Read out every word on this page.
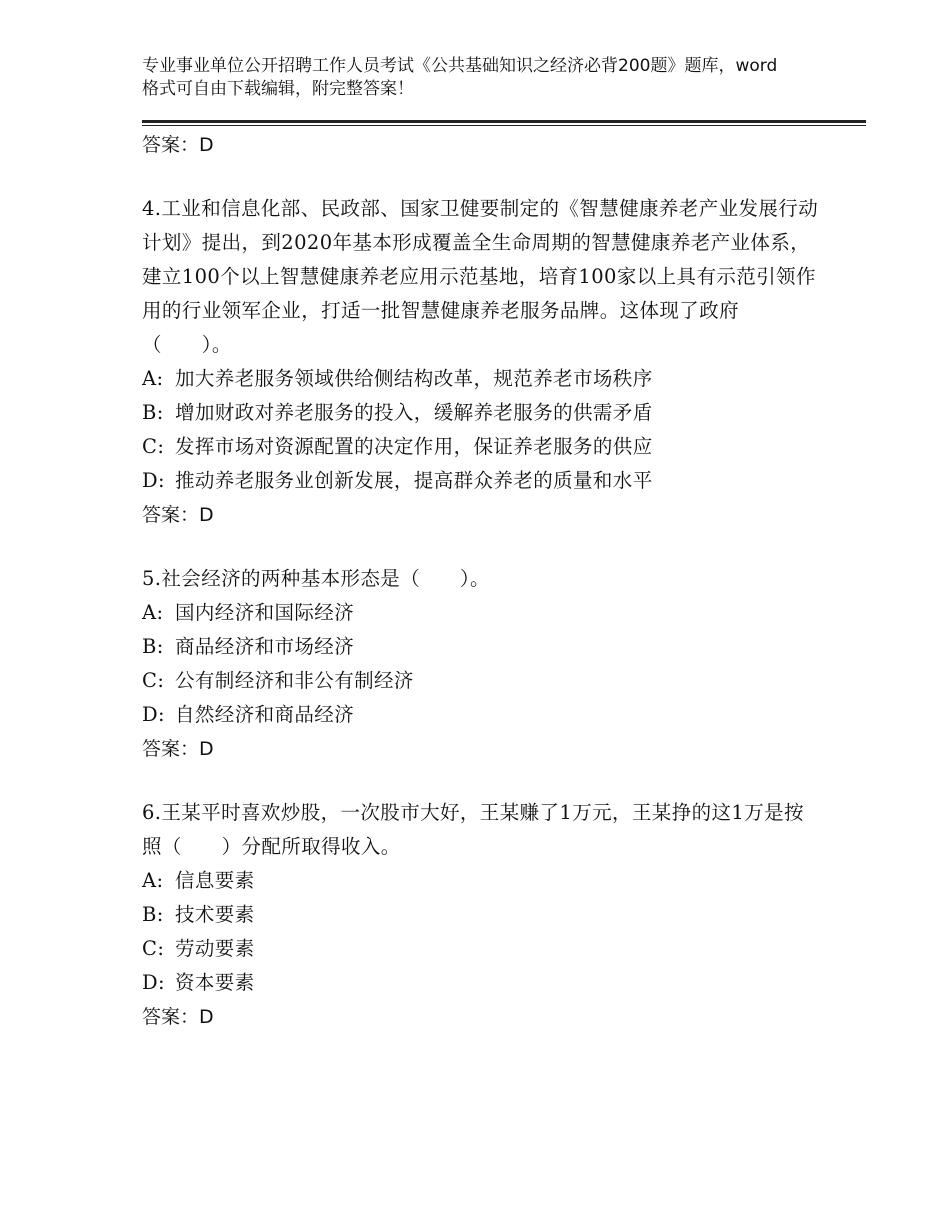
专业事业单位公开招聘工作人员考试《公共基础知识之经济必背200题》题库，word格式可自由下载编辑，附完整答案！
答案：D
4.工业和信息化部、民政部、国家卫健要制定的《智慧健康养老产业发展行动计划》提出，到2020年基本形成覆盖全生命周期的智慧健康养老产业体系，建立100个以上智慧健康养老应用示范基地，培育100家以上具有示范引领作用的行业领军企业，打适一批智慧健康养老服务品牌。这体现了政府（　　）。
A: 加大养老服务领域供给侧结构改革，规范养老市场秩序
B: 增加财政对养老服务的投入，缓解养老服务的供需矛盾
C: 发挥市场对资源配置的决定作用，保证养老服务的供应
D: 推动养老服务业创新发展，提高群众养老的质量和水平
答案：D
5.社会经济的两种基本形态是（　　）。
A: 国内经济和国际经济
B: 商品经济和市场经济
C: 公有制经济和非公有制经济
D: 自然经济和商品经济
答案：D
6.王某平时喜欢炒股，一次股市大好，王某赚了1万元，王某挣的这1万是按照（　　）分配所取得收入。
A: 信息要素
B: 技术要素
C: 劳动要素
D: 资本要素
答案：D
